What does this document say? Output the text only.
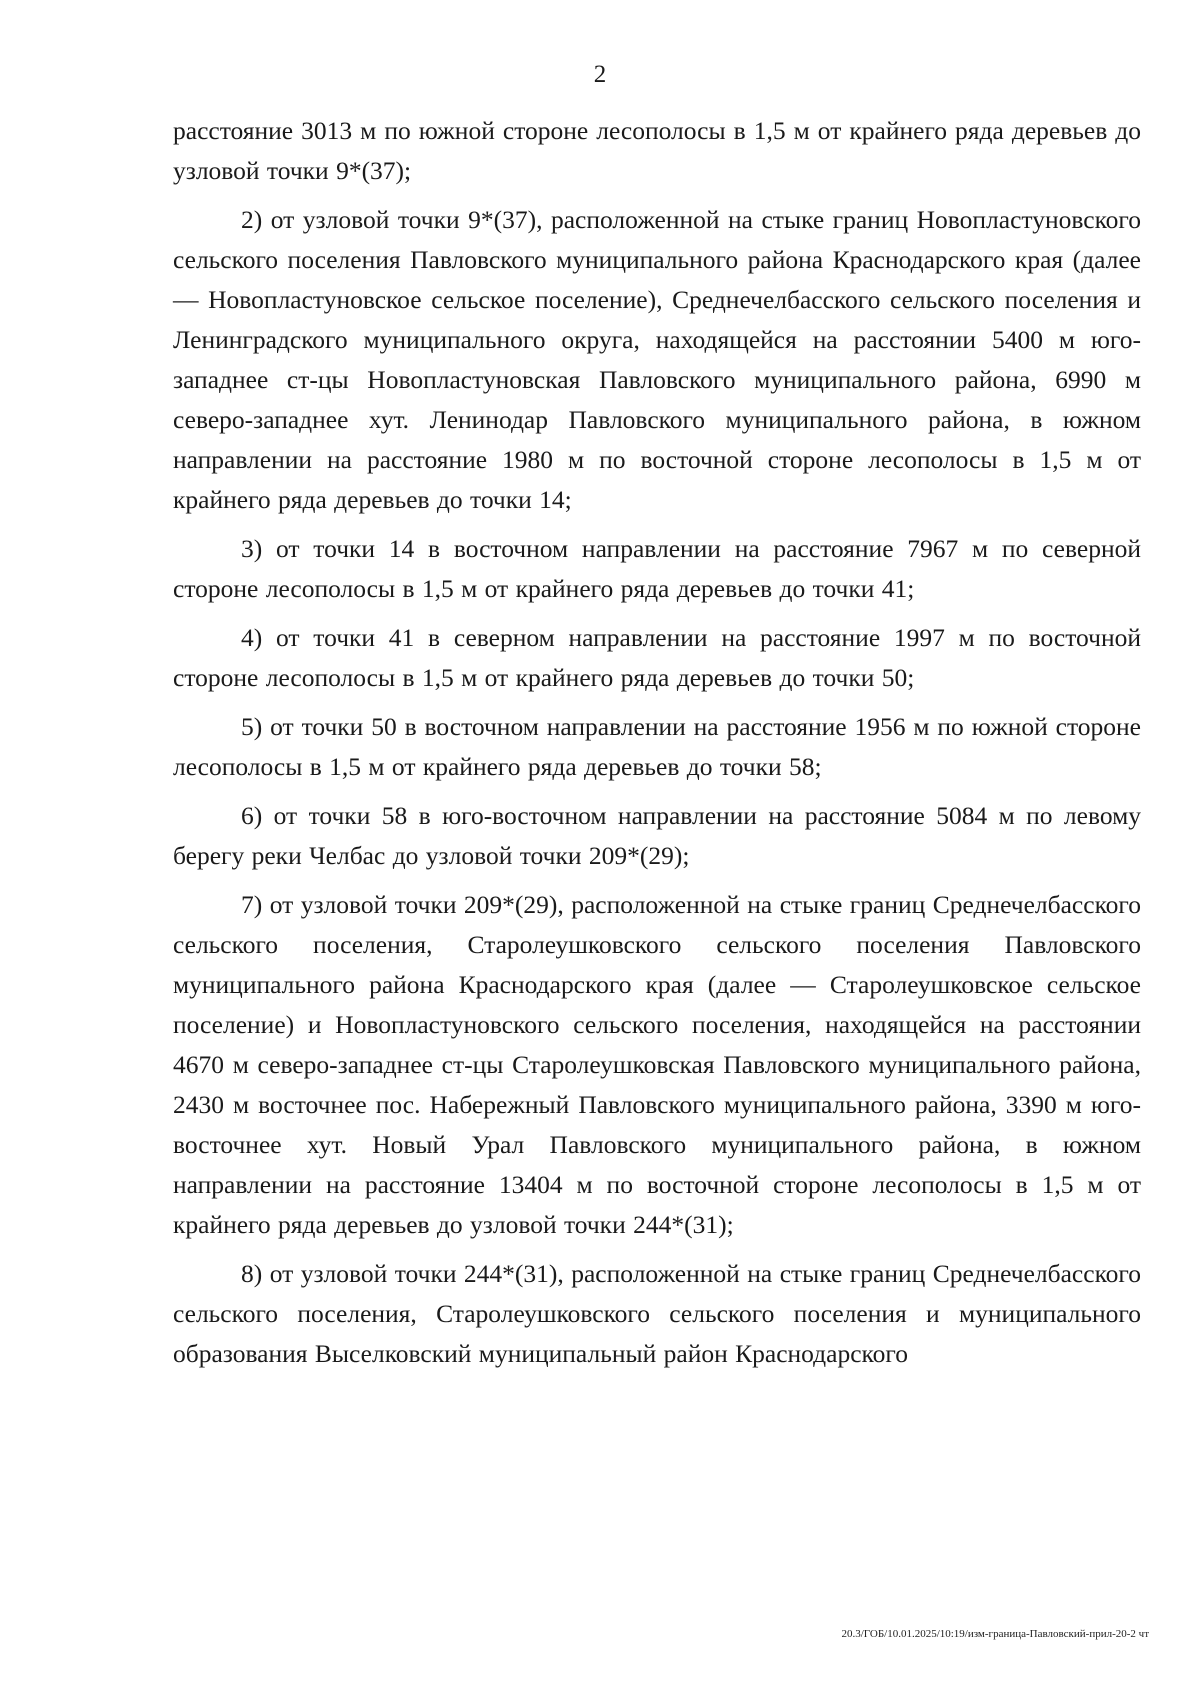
2

расстояние 3013 м по южной стороне лесополосы в 1,5 м от крайнего ряда деревьев до узловой точки 9*(37);

2) от узловой точки 9*(37), расположенной на стыке границ Новопластуновского сельского поселения Павловского муниципального района Краснодарского края (далее — Новопластуновское сельское поселение), Среднечелбасского сельского поселения и Ленинградского муниципального округа, находящейся на расстоянии 5400 м юго-западнее ст-цы Новопластуновская Павловского муниципального района, 6990 м северо-западнее хут. Ленинодар Павловского муниципального района, в южном направлении на расстояние 1980 м по восточной стороне лесополосы в 1,5 м от крайнего ряда деревьев до точки 14;

3) от точки 14 в восточном направлении на расстояние 7967 м по северной стороне лесополосы в 1,5 м от крайнего ряда деревьев до точки 41;

4) от точки 41 в северном направлении на расстояние 1997 м по восточной стороне лесополосы в 1,5 м от крайнего ряда деревьев до точки 50;

5) от точки 50 в восточном направлении на расстояние 1956 м по южной стороне лесополосы в 1,5 м от крайнего ряда деревьев до точки 58;

6) от точки 58 в юго-восточном направлении на расстояние 5084 м по левому берегу реки Челбас до узловой точки 209*(29);

7) от узловой точки 209*(29), расположенной на стыке границ Среднечелбасского сельского поселения, Старолеушковского сельского поселения Павловского муниципального района Краснодарского края (далее — Старолеушковское сельское поселение) и Новопластуновского сельского поселения, находящейся на расстоянии 4670 м северо-западнее ст-цы Старолеушковская Павловского муниципального района, 2430 м восточнее пос. Набережный Павловского муниципального района, 3390 м юго-восточнее хут. Новый Урал Павловского муниципального района, в южном направлении на расстояние 13404 м по восточной стороне лесополосы в 1,5 м от крайнего ряда деревьев до узловой точки 244*(31);

8) от узловой точки 244*(31), расположенной на стыке границ Среднечелбасского сельского поселения, Старолеушковского сельского поселения и муниципального образования Выселковский муниципальный район Краснодарского

20.3/ГОБ/10.01.2025/10:19/изм-граница-Павловский-прил-20-2 чт
